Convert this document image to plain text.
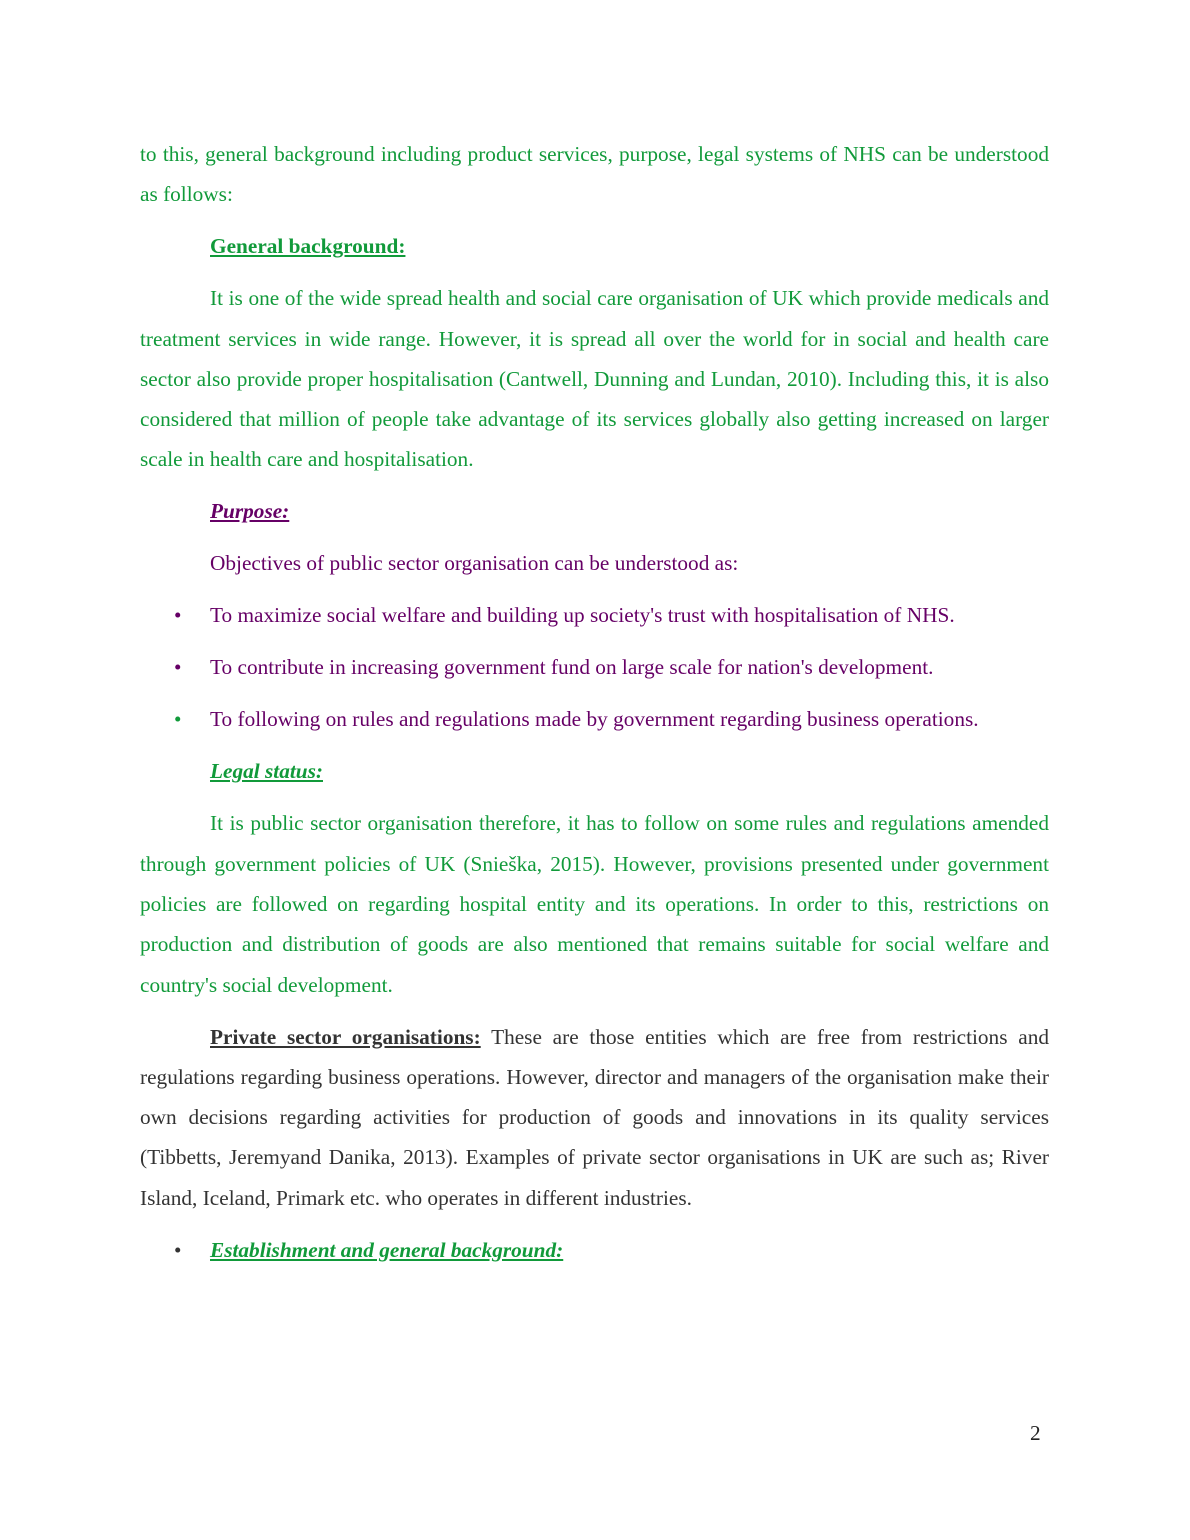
to this, general background including product services, purpose, legal systems of NHS can be understood as follows:

General background:

It is one of the wide spread health and social care organisation of UK which provide medicals and treatment services in wide range. However, it is spread all over the world for in social and health care sector also provide proper hospitalisation (Cantwell, Dunning and Lundan, 2010). Including this, it is also considered that million of people take advantage of its services globally also getting increased on larger scale in health care and hospitalisation.

Purpose:

Objectives of public sector organisation can be understood as:

• To maximize social welfare and building up society's trust with hospitalisation of NHS.

• To contribute in increasing government fund on large scale for nation's development.

• To following on rules and regulations made by government regarding business operations.

Legal status:

It is public sector organisation therefore, it has to follow on some rules and regulations amended through government policies of UK (Snieška, 2015). However, provisions presented under government policies are followed on regarding hospital entity and its operations. In order to this, restrictions on production and distribution of goods are also mentioned that remains suitable for social welfare and country's social development.

Private sector organisations: These are those entities which are free from restrictions and regulations regarding business operations. However, director and managers of the organisation make their own decisions regarding activities for production of goods and innovations in its quality services (Tibbetts, Jeremyand Danika, 2013). Examples of private sector organisations in UK are such as; River Island, Iceland, Primark etc. who operates in different industries.

• Establishment and general background:

2
